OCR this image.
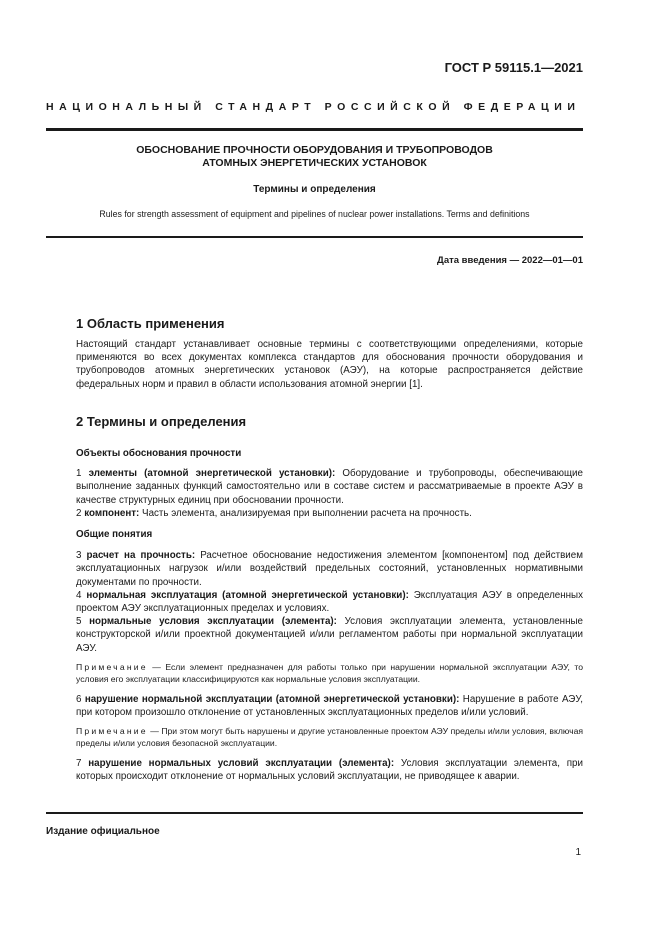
ГОСТ Р 59115.1—2021
НАЦИОНАЛЬНЫЙ СТАНДАРТ РОССИЙСКОЙ ФЕДЕРАЦИИ
ОБОСНОВАНИЕ ПРОЧНОСТИ ОБОРУДОВАНИЯ И ТРУБОПРОВОДОВ
АТОМНЫХ ЭНЕРГЕТИЧЕСКИХ УСТАНОВОК
Термины и определения
Rules for strength assessment of equipment and pipelines of nuclear power installations. Terms and definitions
Дата введения — 2022—01—01
1 Область применения

Настоящий стандарт устанавливает основные термины с соответствующими определениями, которые применяются во всех документах комплекса стандартов для обоснования прочности оборудования и трубопроводов атомных энергетических установок (АЭУ), на которые распространяется действие федеральных норм и правил в области использования атомной энергии [1].

2 Термины и определения

Объекты обоснования прочности

1 элементы (атомной энергетической установки): Оборудование и трубопроводы, обеспечивающие выполнение заданных функций самостоятельно или в составе систем и рассматриваемые в проекте АЭУ в качестве структурных единиц при обосновании прочности.

2 компонент: Часть элемента, анализируемая при выполнении расчета на прочность.

Общие понятия

3 расчет на прочность: Расчетное обоснование недостижения элементом [компонентом] под действием эксплуатационных нагрузок и/или воздействий предельных состояний, установленных нормативными документами по прочности.

4 нормальная эксплуатация (атомной энергетической установки): Эксплуатация АЭУ в определенных проектом АЭУ эксплуатационных пределах и условиях.

5 нормальные условия эксплуатации (элемента): Условия эксплуатации элемента, установленные конструкторской и/или проектной документацией и/или регламентом работы при нормальной эксплуатации АЭУ.

Примечание — Если элемент предназначен для работы только при нарушении нормальной эксплуатации АЭУ, то условия его эксплуатации классифицируются как нормальные условия эксплуатации.

6 нарушение нормальной эксплуатации (атомной энергетической установки): Нарушение в работе АЭУ, при котором произошло отклонение от установленных эксплуатационных пределов и/или условий.

Примечание — При этом могут быть нарушены и другие установленные проектом АЭУ пределы и/или условия, включая пределы и/или условия безопасной эксплуатации.

7 нарушение нормальных условий эксплуатации (элемента): Условия эксплуатации элемента, при которых происходит отклонение от нормальных условий эксплуатации, не приводящее к аварии.

Издание официальное
1
